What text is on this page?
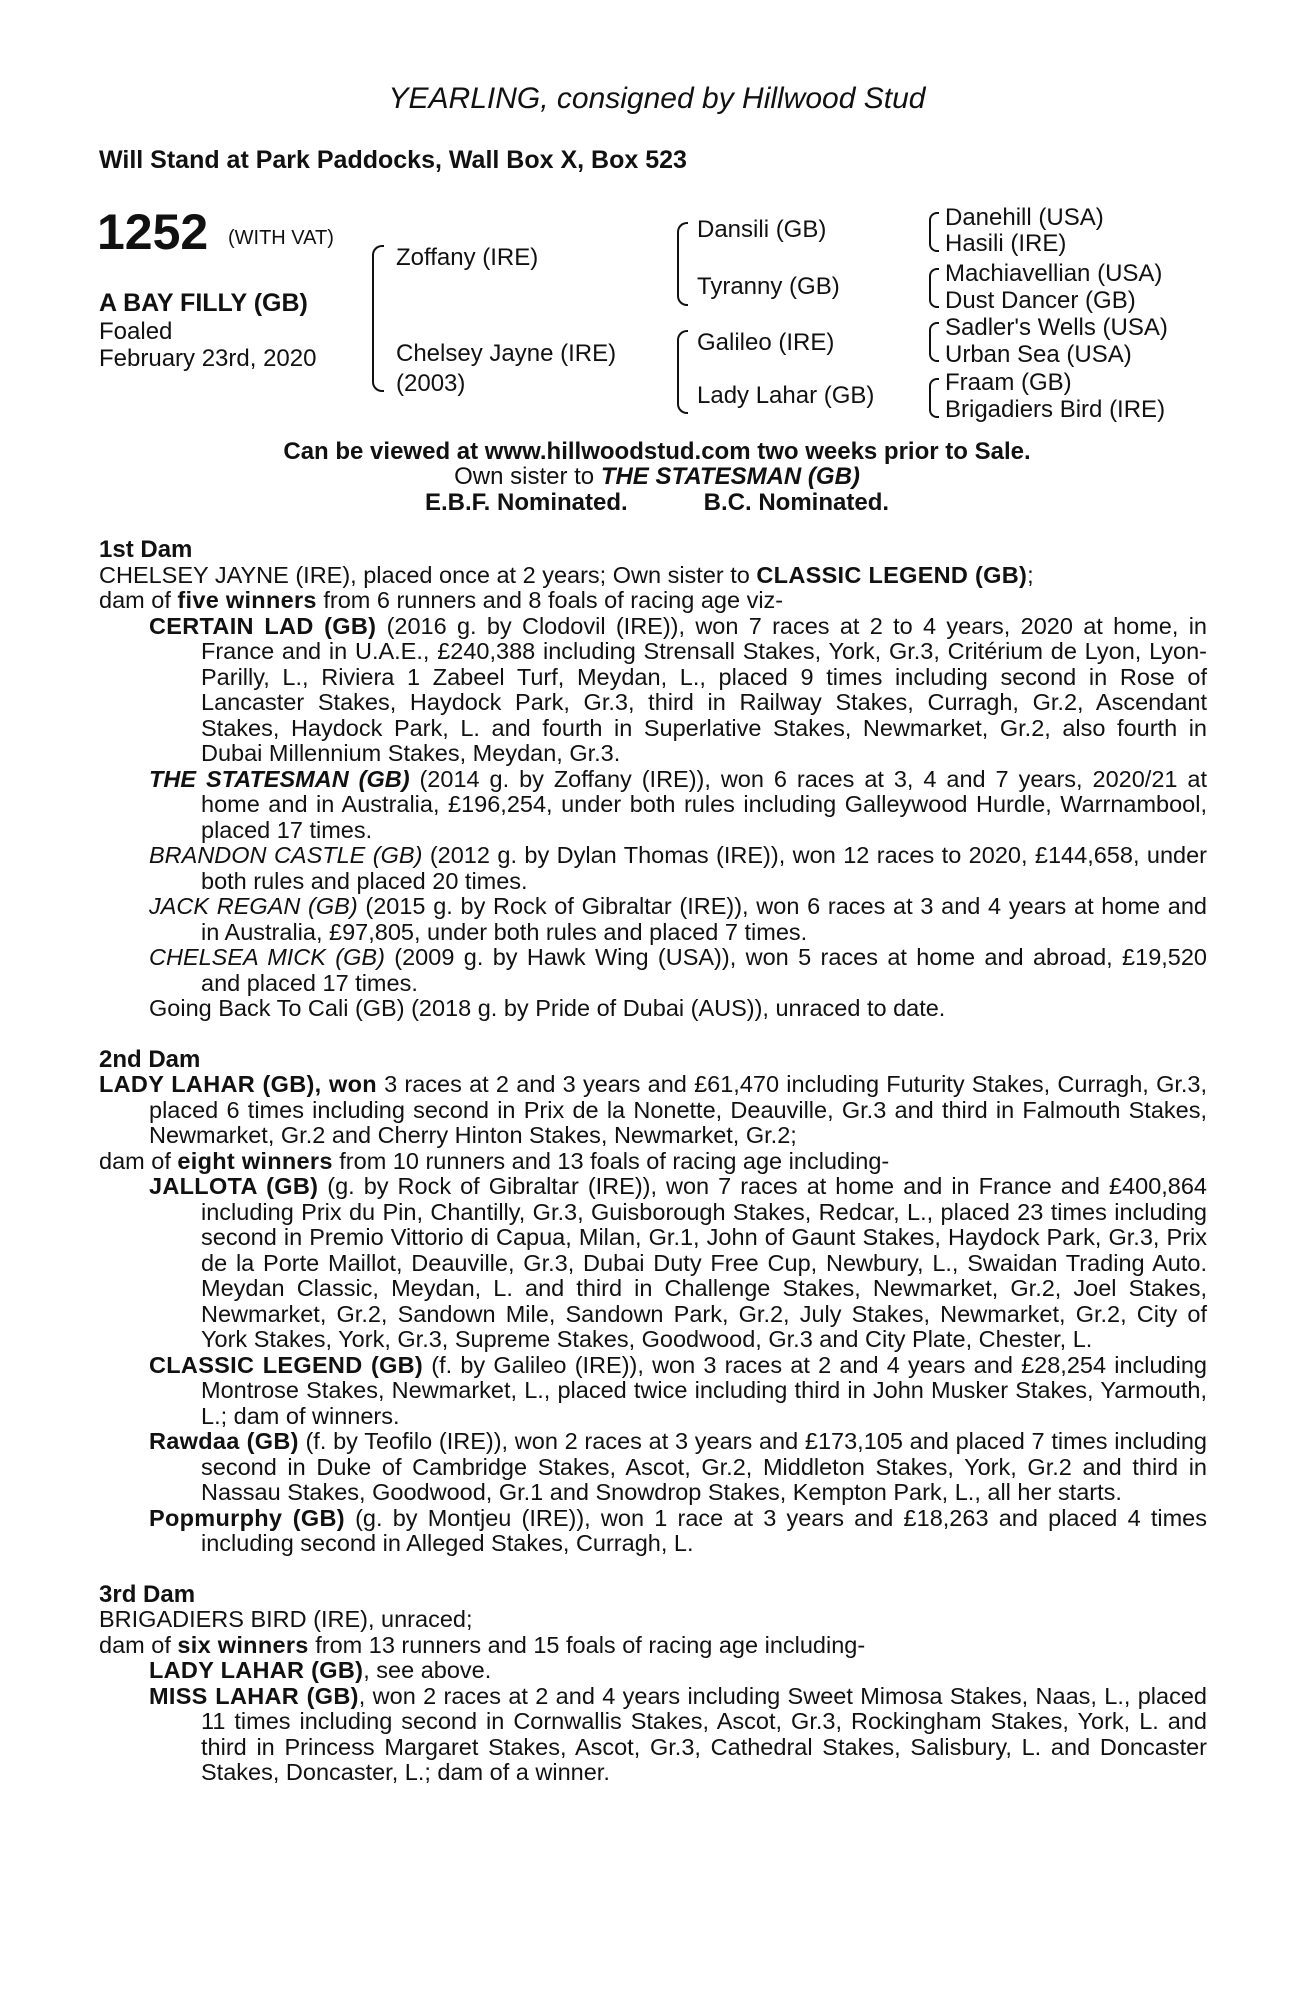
YEARLING, consigned by Hillwood Stud
Will Stand at Park Paddocks, Wall Box X, Box 523
1252 (WITH VAT)
A BAY FILLY (GB)
Foaled
February 23rd, 2020
Zoffany (IRE)
Chelsey Jayne (IRE)
(2003)
Dansili (GB)
Tyranny (GB)
Galileo (IRE)
Lady Lahar (GB)
Danehill (USA)
Hasili (IRE)
Machiavellian (USA)
Dust Dancer (GB)
Sadler's Wells (USA)
Urban Sea (USA)
Fraam (GB)
Brigadiers Bird (IRE)
Can be viewed at www.hillwoodstud.com two weeks prior to Sale.
Own sister to THE STATESMAN (GB)
E.B.F. Nominated.	B.C. Nominated.
1st Dam
CHELSEY JAYNE (IRE), placed once at 2 years; Own sister to CLASSIC LEGEND (GB);
dam of five winners from 6 runners and 8 foals of racing age viz-
CERTAIN LAD (GB) (2016 g. by Clodovil (IRE)), won 7 races at 2 to 4 years, 2020 at home, in France and in U.A.E., £240,388 including Strensall Stakes, York, Gr.3, Critérium de Lyon, Lyon-Parilly, L., Riviera 1 Zabeel Turf, Meydan, L., placed 9 times including second in Rose of Lancaster Stakes, Haydock Park, Gr.3, third in Railway Stakes, Curragh, Gr.2, Ascendant Stakes, Haydock Park, L. and fourth in Superlative Stakes, Newmarket, Gr.2, also fourth in Dubai Millennium Stakes, Meydan, Gr.3.
THE STATESMAN (GB) (2014 g. by Zoffany (IRE)), won 6 races at 3, 4 and 7 years, 2020/21 at home and in Australia, £196,254, under both rules including Galleywood Hurdle, Warrnambool, placed 17 times.
BRANDON CASTLE (GB) (2012 g. by Dylan Thomas (IRE)), won 12 races to 2020, £144,658, under both rules and placed 20 times.
JACK REGAN (GB) (2015 g. by Rock of Gibraltar (IRE)), won 6 races at 3 and 4 years at home and in Australia, £97,805, under both rules and placed 7 times.
CHELSEA MICK (GB) (2009 g. by Hawk Wing (USA)), won 5 races at home and abroad, £19,520 and placed 17 times.
Going Back To Cali (GB) (2018 g. by Pride of Dubai (AUS)), unraced to date.
2nd Dam
LADY LAHAR (GB), won 3 races at 2 and 3 years and £61,470 including Futurity Stakes, Curragh, Gr.3, placed 6 times including second in Prix de la Nonette, Deauville, Gr.3 and third in Falmouth Stakes, Newmarket, Gr.2 and Cherry Hinton Stakes, Newmarket, Gr.2;
dam of eight winners from 10 runners and 13 foals of racing age including-
JALLOTA (GB) (g. by Rock of Gibraltar (IRE)), won 7 races at home and in France and £400,864 including Prix du Pin, Chantilly, Gr.3, Guisborough Stakes, Redcar, L., placed 23 times including second in Premio Vittorio di Capua, Milan, Gr.1, John of Gaunt Stakes, Haydock Park, Gr.3, Prix de la Porte Maillot, Deauville, Gr.3, Dubai Duty Free Cup, Newbury, L., Swaidan Trading Auto. Meydan Classic, Meydan, L. and third in Challenge Stakes, Newmarket, Gr.2, Joel Stakes, Newmarket, Gr.2, Sandown Mile, Sandown Park, Gr.2, July Stakes, Newmarket, Gr.2, City of York Stakes, York, Gr.3, Supreme Stakes, Goodwood, Gr.3 and City Plate, Chester, L.
CLASSIC LEGEND (GB) (f. by Galileo (IRE)), won 3 races at 2 and 4 years and £28,254 including Montrose Stakes, Newmarket, L., placed twice including third in John Musker Stakes, Yarmouth, L.; dam of winners.
Rawdaa (GB) (f. by Teofilo (IRE)), won 2 races at 3 years and £173,105 and placed 7 times including second in Duke of Cambridge Stakes, Ascot, Gr.2, Middleton Stakes, York, Gr.2 and third in Nassau Stakes, Goodwood, Gr.1 and Snowdrop Stakes, Kempton Park, L., all her starts.
Popmurphy (GB) (g. by Montjeu (IRE)), won 1 race at 3 years and £18,263 and placed 4 times including second in Alleged Stakes, Curragh, L.
3rd Dam
BRIGADIERS BIRD (IRE), unraced;
dam of six winners from 13 runners and 15 foals of racing age including-
LADY LAHAR (GB), see above.
MISS LAHAR (GB), won 2 races at 2 and 4 years including Sweet Mimosa Stakes, Naas, L., placed 11 times including second in Cornwallis Stakes, Ascot, Gr.3, Rockingham Stakes, York, L. and third in Princess Margaret Stakes, Ascot, Gr.3, Cathedral Stakes, Salisbury, L. and Doncaster Stakes, Doncaster, L.; dam of a winner.
